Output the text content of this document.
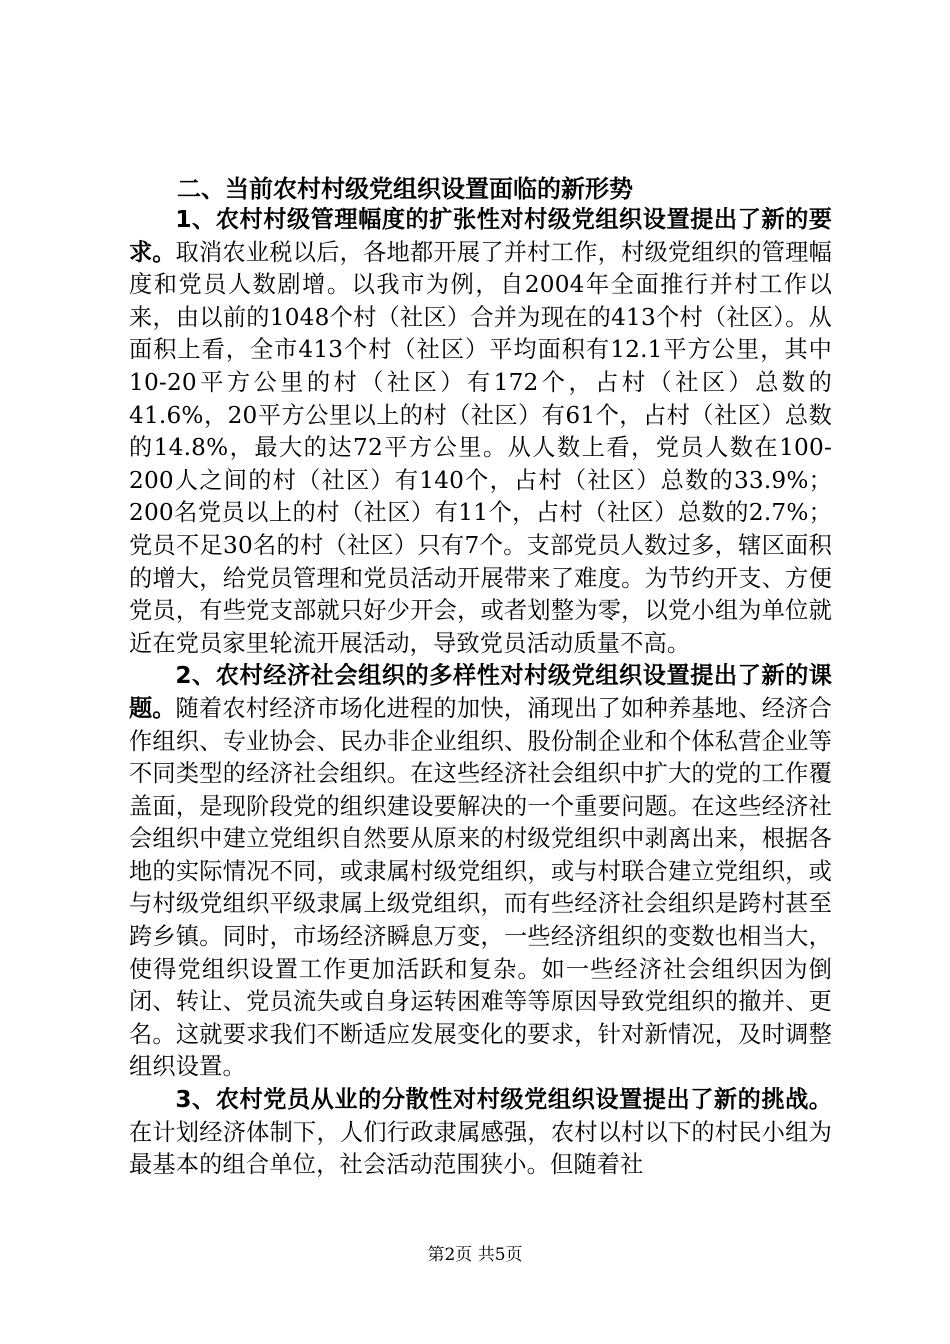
二、当前农村村级党组织设置面临的新形势

1、农村村级管理幅度的扩张性对村级党组织设置提出了新的要求。取消农业税以后，各地都开展了并村工作，村级党组织的管理幅度和党员人数剧增。以我市为例，自2004年全面推行并村工作以来，由以前的1048个村（社区）合并为现在的413个村（社区）。从面积上看，全市413个村（社区）平均面积有12.1平方公里，其中10-20平方公里的村（社区）有172个，占村（社区）总数的41.6%，20平方公里以上的村（社区）有61个，占村（社区）总数的14.8%，最大的达72平方公里。从人数上看，党员人数在100-200人之间的村（社区）有140个，占村（社区）总数的33.9%；200名党员以上的村（社区）有11个，占村（社区）总数的2.7%；党员不足30名的村（社区）只有7个。支部党员人数过多，辖区面积的增大，给党员管理和党员活动开展带来了难度。为节约开支、方便党员，有些党支部就只好少开会，或者划整为零，以党小组为单位就近在党员家里轮流开展活动，导致党员活动质量不高。

2、农村经济社会组织的多样性对村级党组织设置提出了新的课题。随着农村经济市场化进程的加快，涌现出了如种养基地、经济合作组织、专业协会、民办非企业组织、股份制企业和个体私营企业等不同类型的经济社会组织。在这些经济社会组织中扩大的党的工作覆盖面，是现阶段党的组织建设要解决的一个重要问题。在这些经济社会组织中建立党组织自然要从原来的村级党组织中剥离出来，根据各地的实际情况不同，或隶属村级党组织，或与村联合建立党组织，或与村级党组织平级隶属上级党组织，而有些经济社会组织是跨村甚至跨乡镇。同时，市场经济瞬息万变，一些经济组织的变数也相当大，使得党组织设置工作更加活跃和复杂。如一些经济社会组织因为倒闭、转让、党员流失或自身运转困难等等原因导致党组织的撤并、更名。这就要求我们不断适应发展变化的要求，针对新情况，及时调整组织设置。

3、农村党员从业的分散性对村级党组织设置提出了新的挑战。在计划经济体制下，人们行政隶属感强，农村以村以下的村民小组为最基本的组合单位，社会活动范围狭小。但随着社

第2页 共5页
